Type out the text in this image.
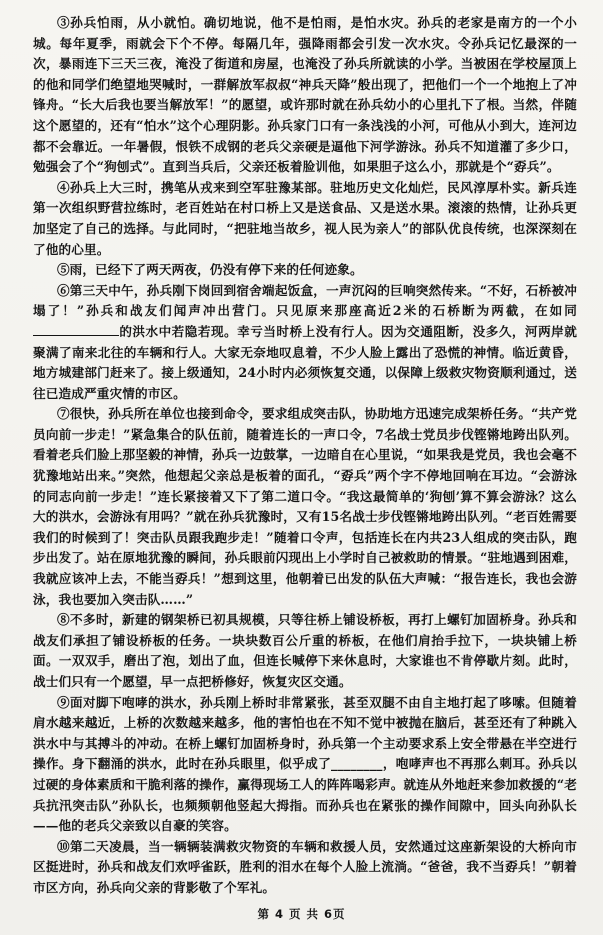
③孙兵怕雨，从小就怕。确切地说，他不是怕雨，是怕水灾。孙兵的老家是南方的一个小城。每年夏季，雨就会下个不停。每隔几年，强降雨都会引发一次水灾。令孙兵记忆最深的一次，暴雨连下三天三夜，淹没了街道和房屋，也淹没了孙兵所就读的小学。当被困在学校屋顶上的他和同学们绝望地哭喊时，一群解放军叔叔“神兵天降”般出现了，把他们一个一个地抱上了冲锋舟。“长大后我也要当解放军！”的愿望，或许那时就在孙兵幼小的心里扎下了根。当然，伴随这个愿望的，还有“怕水”这个心理阴影。孙兵家门口有一条浅浅的小河，可他从小到大，连河边都不会靠近。一年暑假，恨铁不成钢的老兵父亲硬是逼他下河学游泳。孙兵不知道灌了多少口，勉强会了个“狗刨式”。直到当兵后，父亲还板着脸训他，如果胆子这么小，那就是个“孬兵”。

④孙兵上大三时，携笔从戎来到空军驻豫某部。驻地历史文化灿烂，民风淳厚朴实。新兵连第一次组织野营拉练时，老百姓站在村口桥上又是送食品、又是送水果。滚滚的热情，让孙兵更加坚定了自己的选择。与此同时，“把驻地当故乡，视人民为亲人”的部队优良传统，也深深刻在了他的心里。

⑤雨，已经下了两天两夜，仍没有停下来的任何迹象。

⑥第三天中午，孙兵刚下岗回到宿舍端起饭盒，一声沉闷的巨响突然传来。“不好，石桥被冲塌了！”孙兵和战友们闻声冲出营门。只见原来那座高近2米的石桥断为两截，在如同的洪水中若隐若现。幸亏当时桥上没有行人。因为交通阻断，没多久，河两岸就聚满了南来北往的车辆和行人。大家无奈地叹息着，不少人脸上露出了恐慌的神情。临近黄昏，地方城建部门赶来了。接上级通知，24小时内必须恢复交通，以保障上级救灾物资顺利通过，送往已造成严重灾情的市区。

⑦很快，孙兵所在单位也接到命令，要求组成突击队，协助地方迅速完成架桥任务。“共产党员向前一步走！”紧急集合的队伍前，随着连长的一声口令，7名战士党员步伐铿锵地跨出队列。看着老兵们脸上那坚毅的神情，孙兵一边鼓掌，一边暗自在心里说，“如果我是党员，我也会毫不犹豫地站出来。”突然，他想起父亲总是板着的面孔，“孬兵”两个字不停地回响在耳边。“会游泳的同志向前一步走！”连长紧接着又下了第二道口令。“我这最简单的‘狗刨’算不算会游泳？这么大的洪水，会游泳有用吗？”就在孙兵犹豫时，又有15名战士步伐铿锵地跨出队列。“老百姓需要我们的时候到了！突击队员跟我跑步走！”随着口令声，包括连长在内共23人组成的突击队，跑步出发了。站在原地犹豫的瞬间，孙兵眼前闪现出上小学时自己被救助的情景。“驻地遇到困难，我就应该冲上去，不能当孬兵！”想到这里，他朝着已出发的队伍大声喊：“报告连长，我也会游泳，我也要加入突击队……”

⑧不多时，新建的钢架桥已初具规模，只等往桥上铺设桥板，再打上螺钉加固桥身。孙兵和战友们承担了铺设桥板的任务。一块块数百公斤重的桥板，在他们肩抬手拉下，一块块铺上桥面。一双双手，磨出了泡，划出了血，但连长喊停下来休息时，大家谁也不肯停歇片刻。此时，战士们只有一个愿望，早一点把桥修好，恢复灾区交通。

⑨面对脚下咆哮的洪水，孙兵刚上桥时非常紧张，甚至双腿不由自主地打起了哆嗦。但随着肩水越来越近，上桥的次数越来越多，他的害怕也在不知不觉中被抛在脑后，甚至还有了种跳入洪水中与其搏斗的冲动。在桥上螺钉加固桥身时，孙兵第一个主动要求系上安全带悬在半空进行操作。身下翻涌的洪水，此时在孙兵眼里，似乎成了________，咆哮声也不再那么刺耳。孙兵以过硬的身体素质和干脆利落的操作，赢得现场工人的阵阵喝彩声。就连从外地赶来参加救援的“老兵抗汛突击队”孙队长，也频频朝他竖起大拇指。而孙兵也在紧张的操作间隙中，回头向孙队长——他的老兵父亲致以自豪的笑容。

⑩第二天凌晨，当一辆辆装满救灾物资的车辆和救援人员，安然通过这座新架设的大桥向市区挺进时，孙兵和战友们欢呼雀跃，胜利的泪水在每个人脸上流淌。“爸爸，我不当孬兵！”朝着市区方向，孙兵向父亲的背影敬了个军礼。

第 4 页 共 6页
